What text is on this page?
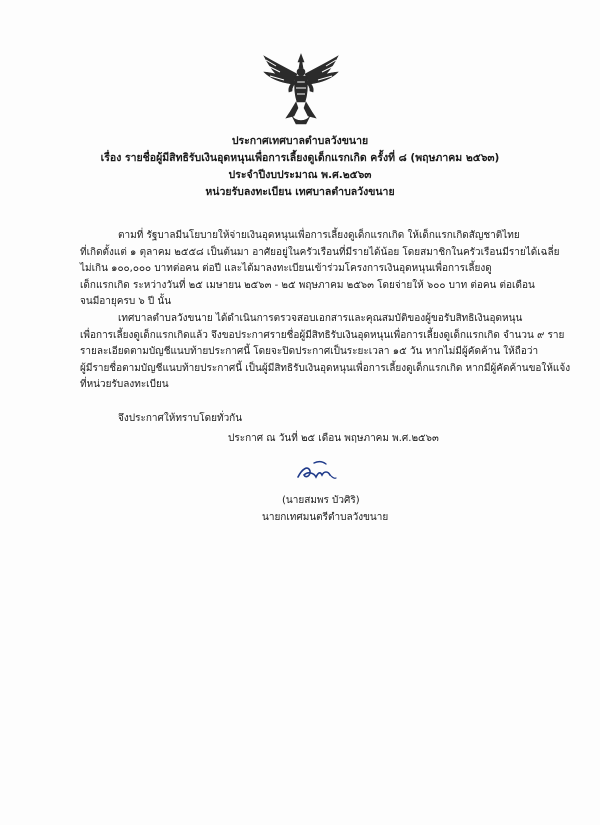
ประกาศเทศบาลตำบลวังขนาย
เรื่อง รายชื่อผู้มีสิทธิรับเงินอุดหนุนเพื่อการเลี้ยงดูเด็กแรกเกิด ครั้งที่ ๘ (พฤษภาคม ๒๕๖๓)
ประจำปีงบประมาณ พ.ศ.๒๕๖๓
หน่วยรับลงทะเบียน เทศบาลตำบลวังขนาย
ตามที่ รัฐบาลมีนโยบายให้จ่ายเงินอุดหนุนเพื่อการเลี้ยงดูเด็กแรกเกิด ให้เด็กแรกเกิดสัญชาติไทย
ที่เกิดตั้งแต่ ๑ ตุลาคม ๒๕๕๘ เป็นต้นมา อาศัยอยู่ในครัวเรือนที่มีรายได้น้อย โดยสมาชิกในครัวเรือนมีรายได้เฉลี่ย
ไม่เกิน ๑๐๐,๐๐๐ บาทต่อคน ต่อปี และได้มาลงทะเบียนเข้าร่วมโครงการเงินอุดหนุนเพื่อการเลี้ยงดู
เด็กแรกเกิด ระหว่างวันที่ ๒๕ เมษายน ๒๕๖๓ - ๒๕ พฤษภาคม ๒๕๖๓ โดยจ่ายให้ ๖๐๐ บาท ต่อคน ต่อเดือน
จนมีอายุครบ ๖ ปี นั้น
เทศบาลตำบลวังขนาย ได้ดำเนินการตรวจสอบเอกสารและคุณสมบัติของผู้ขอรับสิทธิเงินอุดหนุน
เพื่อการเลี้ยงดูเด็กแรกเกิดแล้ว จึงขอประกาศรายชื่อผู้มีสิทธิรับเงินอุดหนุนเพื่อการเลี้ยงดูเด็กแรกเกิด จำนวน ๙ ราย
รายละเอียดตามบัญชีแนบท้ายประกาศนี้ โดยจะปิดประกาศเป็นระยะเวลา ๑๕ วัน หากไม่มีผู้คัดค้าน ให้ถือว่า
ผู้มีรายชื่อตามบัญชีแนบท้ายประกาศนี้ เป็นผู้มีสิทธิรับเงินอุดหนุนเพื่อการเลี้ยงดูเด็กแรกเกิด หากมีผู้คัดค้านขอให้แจ้ง
ที่หน่วยรับลงทะเบียน
จึงประกาศให้ทราบโดยทั่วกัน
ประกาศ ณ วันที่ ๒๕ เดือน พฤษภาคม พ.ศ.๒๕๖๓
(นายสมพร บัวศิริ)
นายกเทศมนตรีตำบลวังขนาย
